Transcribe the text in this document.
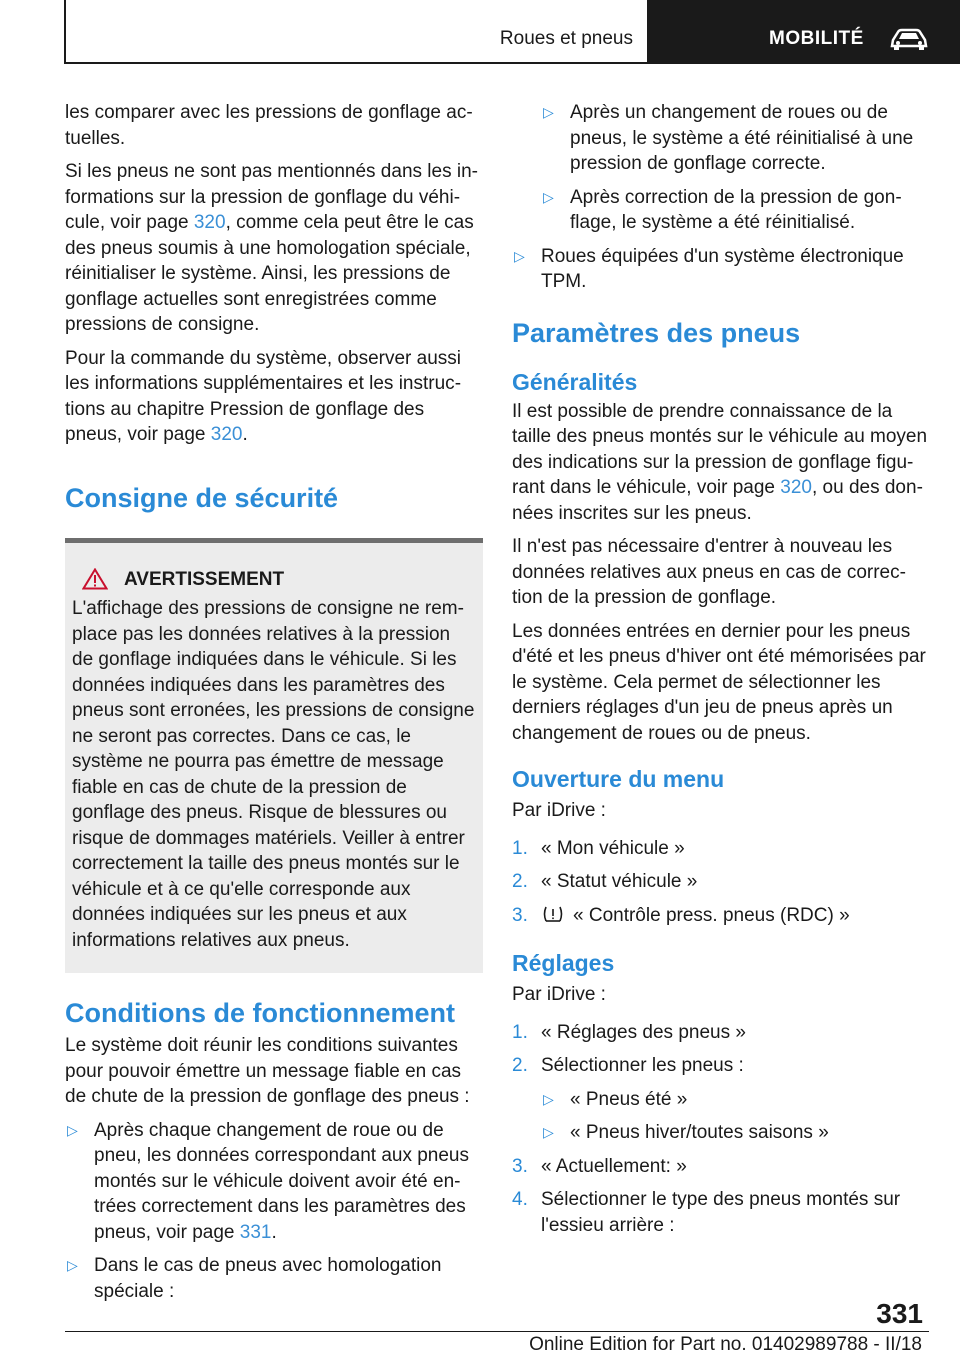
Roues et pneus	MOBILITÉ

les comparer avec les pressions de gonflage actuelles.

Si les pneus ne sont pas mentionnés dans les informations sur la pression de gonflage du véhicule, voir page 320, comme cela peut être le cas des pneus soumis à une homologation spéciale, réinitialiser le système. Ainsi, les pressions de gonflage actuelles sont enregistrées comme pressions de consigne.

Pour la commande du système, observer aussi les informations supplémentaires et les instructions au chapitre Pression de gonflage des pneus, voir page 320.

Consigne de sécurité
AVERTISSEMENT

L'affichage des pressions de consigne ne remplace pas les données relatives à la pression de gonflage indiquées dans le véhicule. Si les données indiquées dans les paramètres des pneus sont erronées, les pressions de consigne ne seront pas correctes. Dans ce cas, le système ne pourra pas émettre de message fiable en cas de chute de la pression de gonflage des pneus. Risque de blessures ou risque de dommages matériels. Veiller à entrer correctement la taille des pneus montés sur le véhicule et à ce qu'elle corresponde aux données indiquées sur les pneus et aux informations relatives aux pneus.

Conditions de fonctionnement

Le système doit réunir les conditions suivantes pour pouvoir émettre un message fiable en cas de chute de la pression de gonflage des pneus :

▷ Après chaque changement de roue ou de pneu, les données correspondant aux pneus montés sur le véhicule doivent avoir été entrées correctement dans les paramètres des pneus, voir page 331.
▷ Dans le cas de pneus avec homologation spéciale :
▷ Après un changement de roues ou de pneus, le système a été réinitialisé à une pression de gonflage correcte.
▷ Après correction de la pression de gonflage, le système a été réinitialisé.
▷ Roues équipées d'un système électronique TPM.
Paramètres des pneus
Généralités

Il est possible de prendre connaissance de la taille des pneus montés sur le véhicule au moyen des indications sur la pression de gonflage figurant dans le véhicule, voir page 320, ou des données inscrites sur les pneus.

Il n'est pas nécessaire d'entrer à nouveau les données relatives aux pneus en cas de correction de la pression de gonflage.

Les données entrées en dernier pour les pneus d'été et les pneus d'hiver ont été mémorisées par le système. Cela permet de sélectionner les derniers réglages d'un jeu de pneus après un changement de roues ou de pneus.

Ouverture du menu

Par iDrive :

1. « Mon véhicule »
2. « Statut véhicule »
3. « Contrôle press. pneus (RDC) »
Réglages

Par iDrive :

1. « Réglages des pneus »
2. Sélectionner les pneus :
▷ « Pneus été »
▷ « Pneus hiver/toutes saisons »
3. « Actuellement: »
4. Sélectionner le type des pneus montés sur l'essieu arrière :
331
Online Edition for Part no. 01402989788 - II/18
